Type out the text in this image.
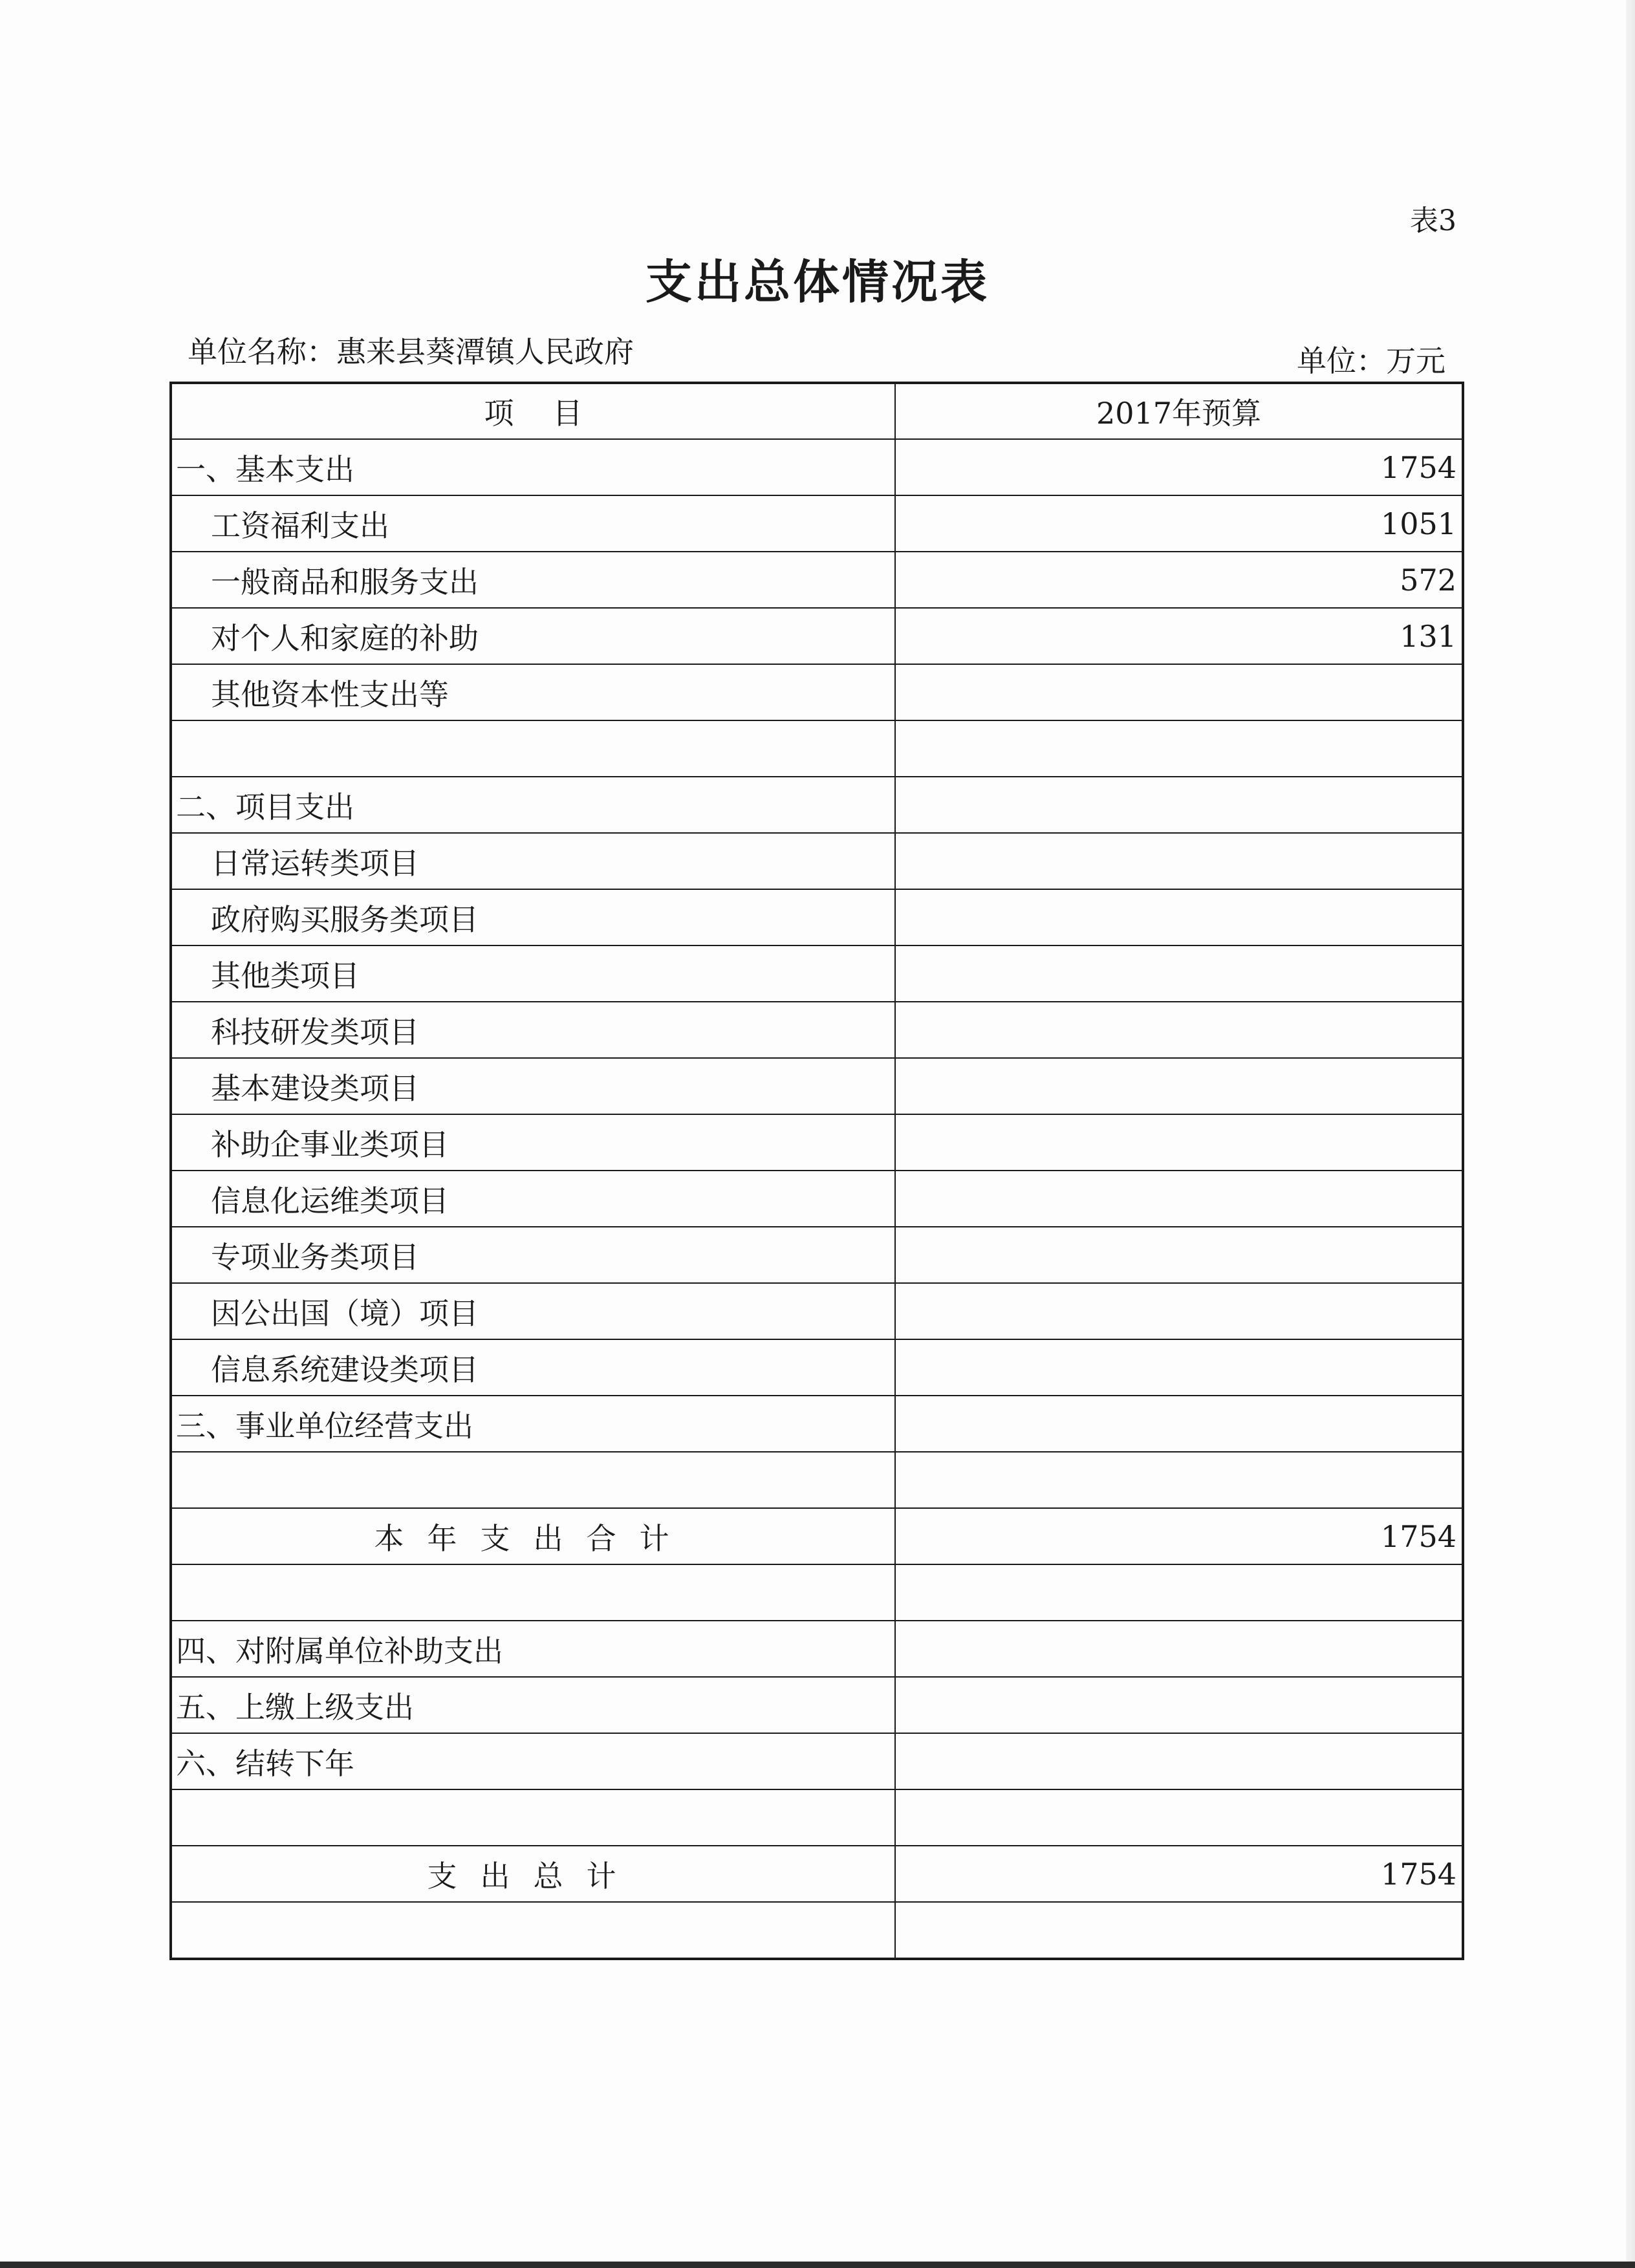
表3
支出总体情况表
单位名称：惠来县葵潭镇人民政府	单位：万元
项目	2017年预算
一、基本支出	1754
工资福利支出	1051
一般商品和服务支出	572
对个人和家庭的补助	131
其他资本性支出等	

二、项目支出	
日常运转类项目	
政府购买服务类项目	
其他类项目	
科技研发类项目	
基本建设类项目	
补助企事业类项目	
信息化运维类项目	
专项业务类项目	
因公出国（境）项目	
信息系统建设类项目	
三、事业单位经营支出	

本年支出合计	1754

四、对附属单位补助支出	
五、上缴上级支出	
六、结转下年	

支出总计	1754
